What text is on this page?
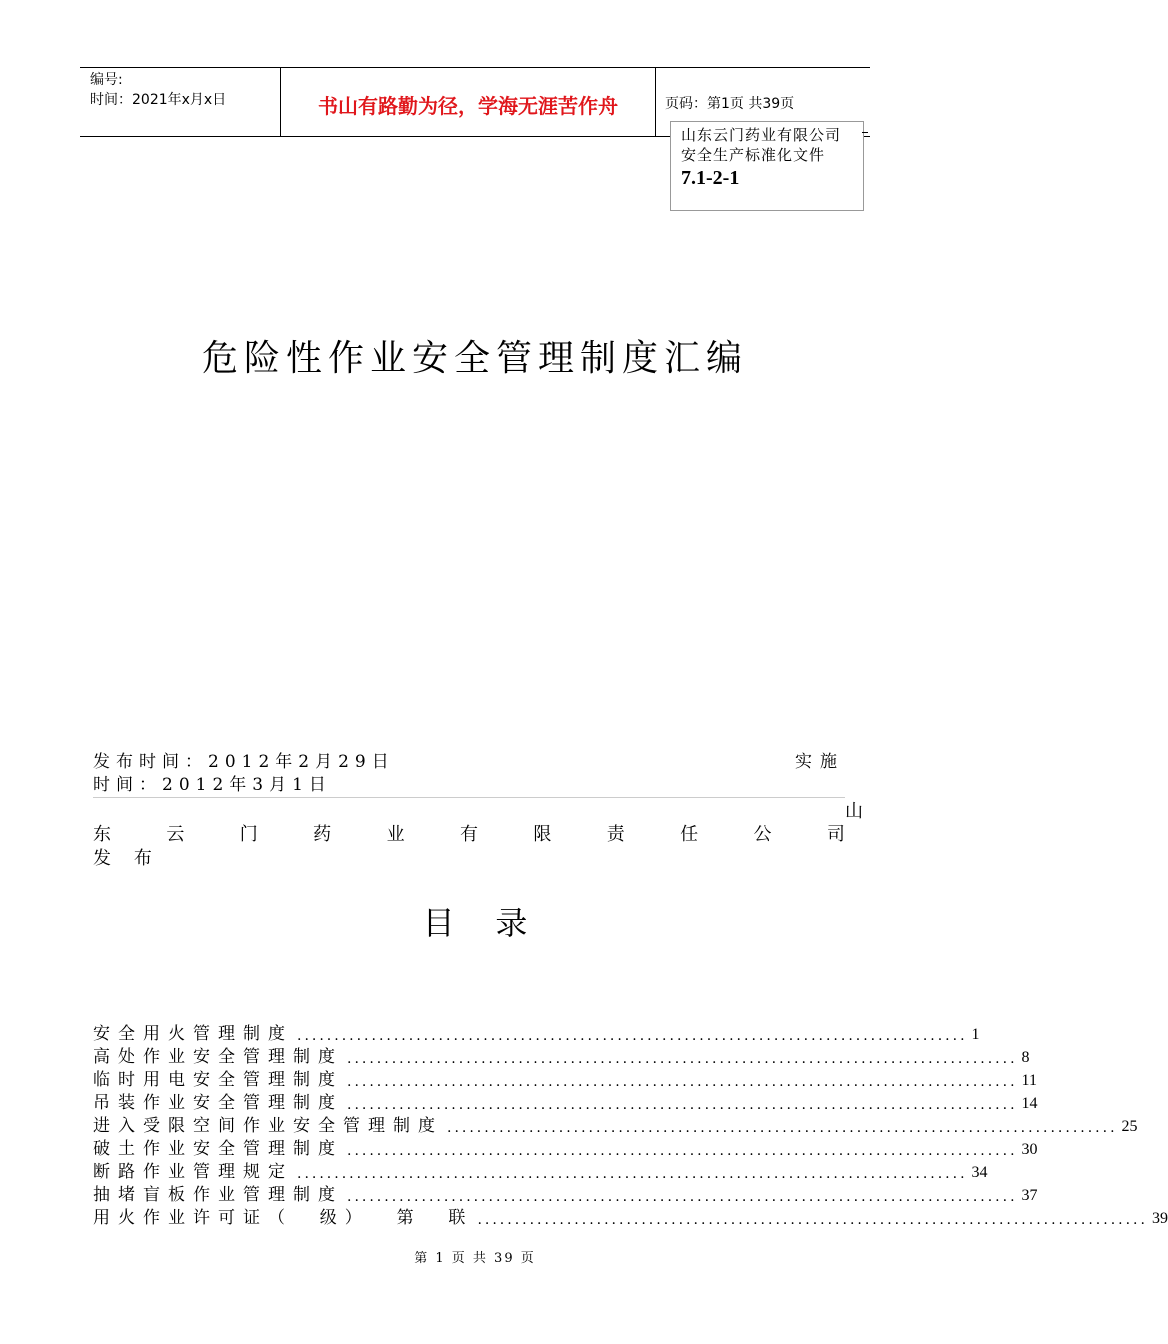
编号:
时间：2021年x月x日	书山有路勤为径，学海无涯苦作舟	页码：第1页 共39页
山东云门药业有限公司
安全生产标准化文件
7.1-2-1
危险性作业安全管理制度汇编
发布时间：2012年2月29日	实施
时间：2012年3月1日
山
东	云	门	药	业	有	限	责	任	公	司
发    布
目    录
安全用火管理制度 .......................................................................................... 1
高处作业安全管理制度 .......................................................................................... 8
临时用电安全管理制度 .......................................................................................... 11
吊装作业安全管理制度 .......................................................................................... 14
进入受限空间作业安全管理制度 .......................................................................................... 25
破土作业安全管理制度 .......................................................................................... 30
断路作业管理规定 .......................................................................................... 34
抽堵盲板作业管理制度 .......................................................................................... 37
用火作业许可证（  级）  第  联 .......................................................................................... 39
第 1 页 共 39 页
